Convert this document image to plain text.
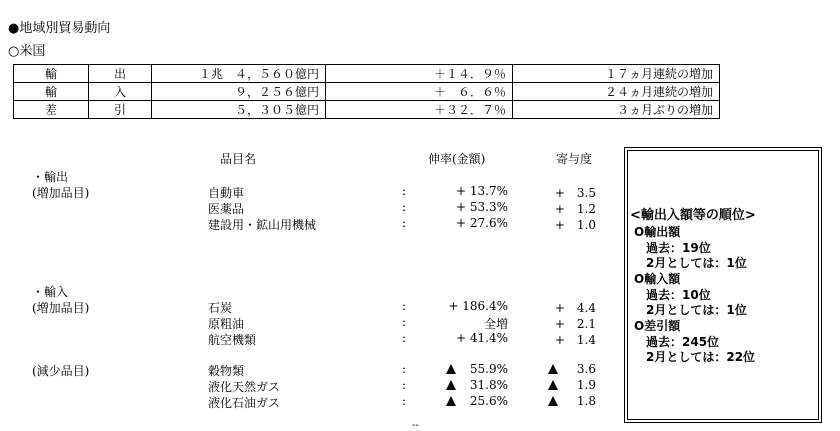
●地域別貿易動向
○米国
輸	出	１兆　４，５６０億円	＋１４．９％	１７ヵ月連続の増加
輸	入	９，２５６億円	＋　６．６％	２４ヵ月連続の増加
差	引	５，３０５億円	＋３２．７％	３ヵ月ぶりの増加
品目名	伸率(金額)	寄与度
・輸出
(増加品目)	自動車	:	+ 13.7%	+　3.5
医薬品	:	+ 53.3%	+　1.2
建設用・鉱山用機械	:	+ 27.6%	+　1.0
・輸入
(増加品目)	石炭	:	+ 186.4%	+　4.4
原粗油	:	全増	+　2.1
航空機類	:	+ 41.4%	+　1.4
(減少品目)	穀物類	:	55.9%	3.6
液化天然ガス	:	31.8%	1.9
液化石油ガス	:	25.6%	1.8
<輸出入額等の順位>
O輸出額
過去：19位
2月としては：1位
O輸入額
過去：10位
2月としては：1位
O差引額
過去：245位
2月としては：22位
--
